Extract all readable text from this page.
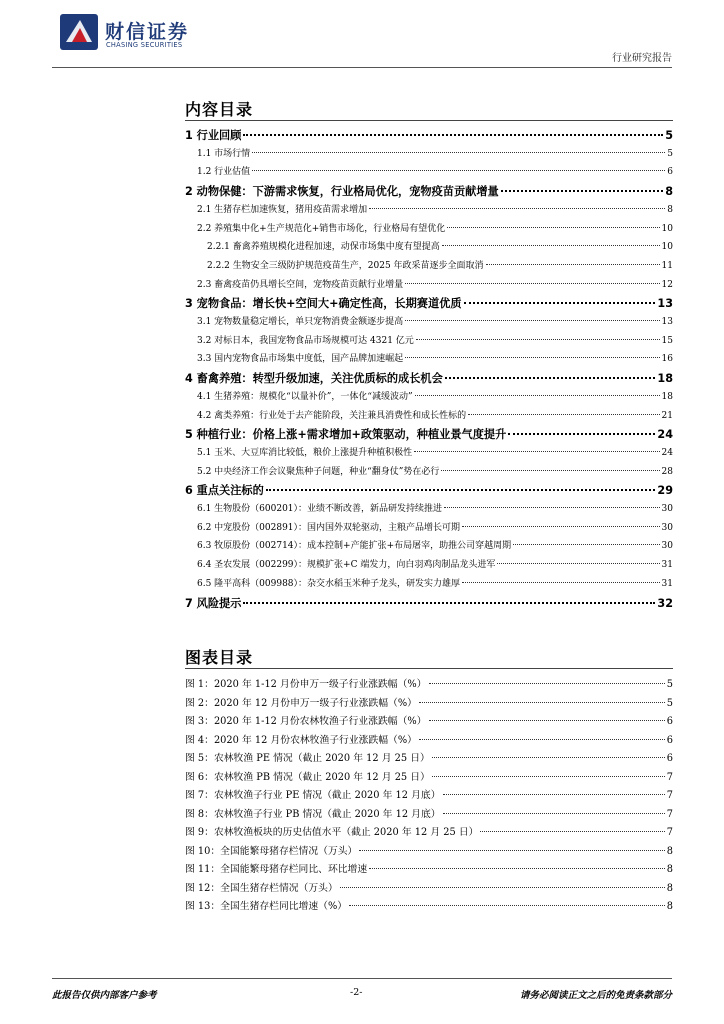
财信证券
CHASING SECURITIES
行业研究报告
内容目录
1 行业回顾	5
1.1 市场行情	5
1.2 行业估值	6
2 动物保健：下游需求恢复，行业格局优化，宠物疫苗贡献增量	8
2.1 生猪存栏加速恢复，猪用疫苗需求增加	8
2.2 养殖集中化+生产规范化+销售市场化，行业格局有望优化	10
2.2.1 畜禽养殖规模化进程加速，动保市场集中度有望提高	10
2.2.2 生物安全三级防护规范疫苗生产，2025 年政采苗逐步全面取消	11
2.3 畜禽疫苗仍具增长空间，宠物疫苗贡献行业增量	12
3 宠物食品：增长快+空间大+确定性高，长期赛道优质	13
3.1 宠物数量稳定增长，单只宠物消费金额逐步提高	13
3.2 对标日本，我国宠物食品市场规模可达 4321 亿元	15
3.3 国内宠物食品市场集中度低，国产品牌加速崛起	16
4 畜禽养殖：转型升级加速，关注优质标的成长机会	18
4.1 生猪养殖：规模化“以量补价”，一体化“减缓波动”	18
4.2 禽类养殖：行业处于去产能阶段，关注兼具消费性和成长性标的	21
5 种植行业：价格上涨+需求增加+政策驱动，种植业景气度提升	24
5.1 玉米、大豆库消比较低，粮价上涨提升种植积极性	24
5.2 中央经济工作会议聚焦种子问题，种业“翻身仗”势在必行	28
6 重点关注标的	29
6.1 生物股份（600201）：业绩不断改善，新品研发持续推进	30
6.2 中宠股份（002891）：国内国外双轮驱动，主粮产品增长可期	30
6.3 牧原股份（002714）：成本控制+产能扩张+布局屠宰，助推公司穿越周期	30
6.4 圣农发展（002299）：规模扩张+C 端发力，向白羽鸡肉制品龙头进军	31
6.5 隆平高科（009988）：杂交水稻玉米种子龙头，研发实力雄厚	31
7 风险提示	32
图表目录
图 1：2020 年 1-12 月份申万一级子行业涨跌幅（%）	5
图 2：2020 年 12 月份申万一级子行业涨跌幅（%）	5
图 3：2020 年 1-12 月份农林牧渔子行业涨跌幅（%）	6
图 4：2020 年 12 月份农林牧渔子行业涨跌幅（%）	6
图 5：农林牧渔 PE 情况（截止 2020 年 12 月 25 日）	6
图 6：农林牧渔 PB 情况（截止 2020 年 12 月 25 日）	7
图 7：农林牧渔子行业 PE 情况（截止 2020 年 12 月底）	7
图 8：农林牧渔子行业 PB 情况（截止 2020 年 12 月底）	7
图 9：农林牧渔板块的历史估值水平（截止 2020 年 12 月 25 日）	7
图 10：全国能繁母猪存栏情况（万头）	8
图 11：全国能繁母猪存栏同比、环比增速	8
图 12：全国生猪存栏情况（万头）	8
图 13：全国生猪存栏同比增速（%）	8
此报告仅供内部客户参考	-2-	请务必阅读正文之后的免责条款部分
